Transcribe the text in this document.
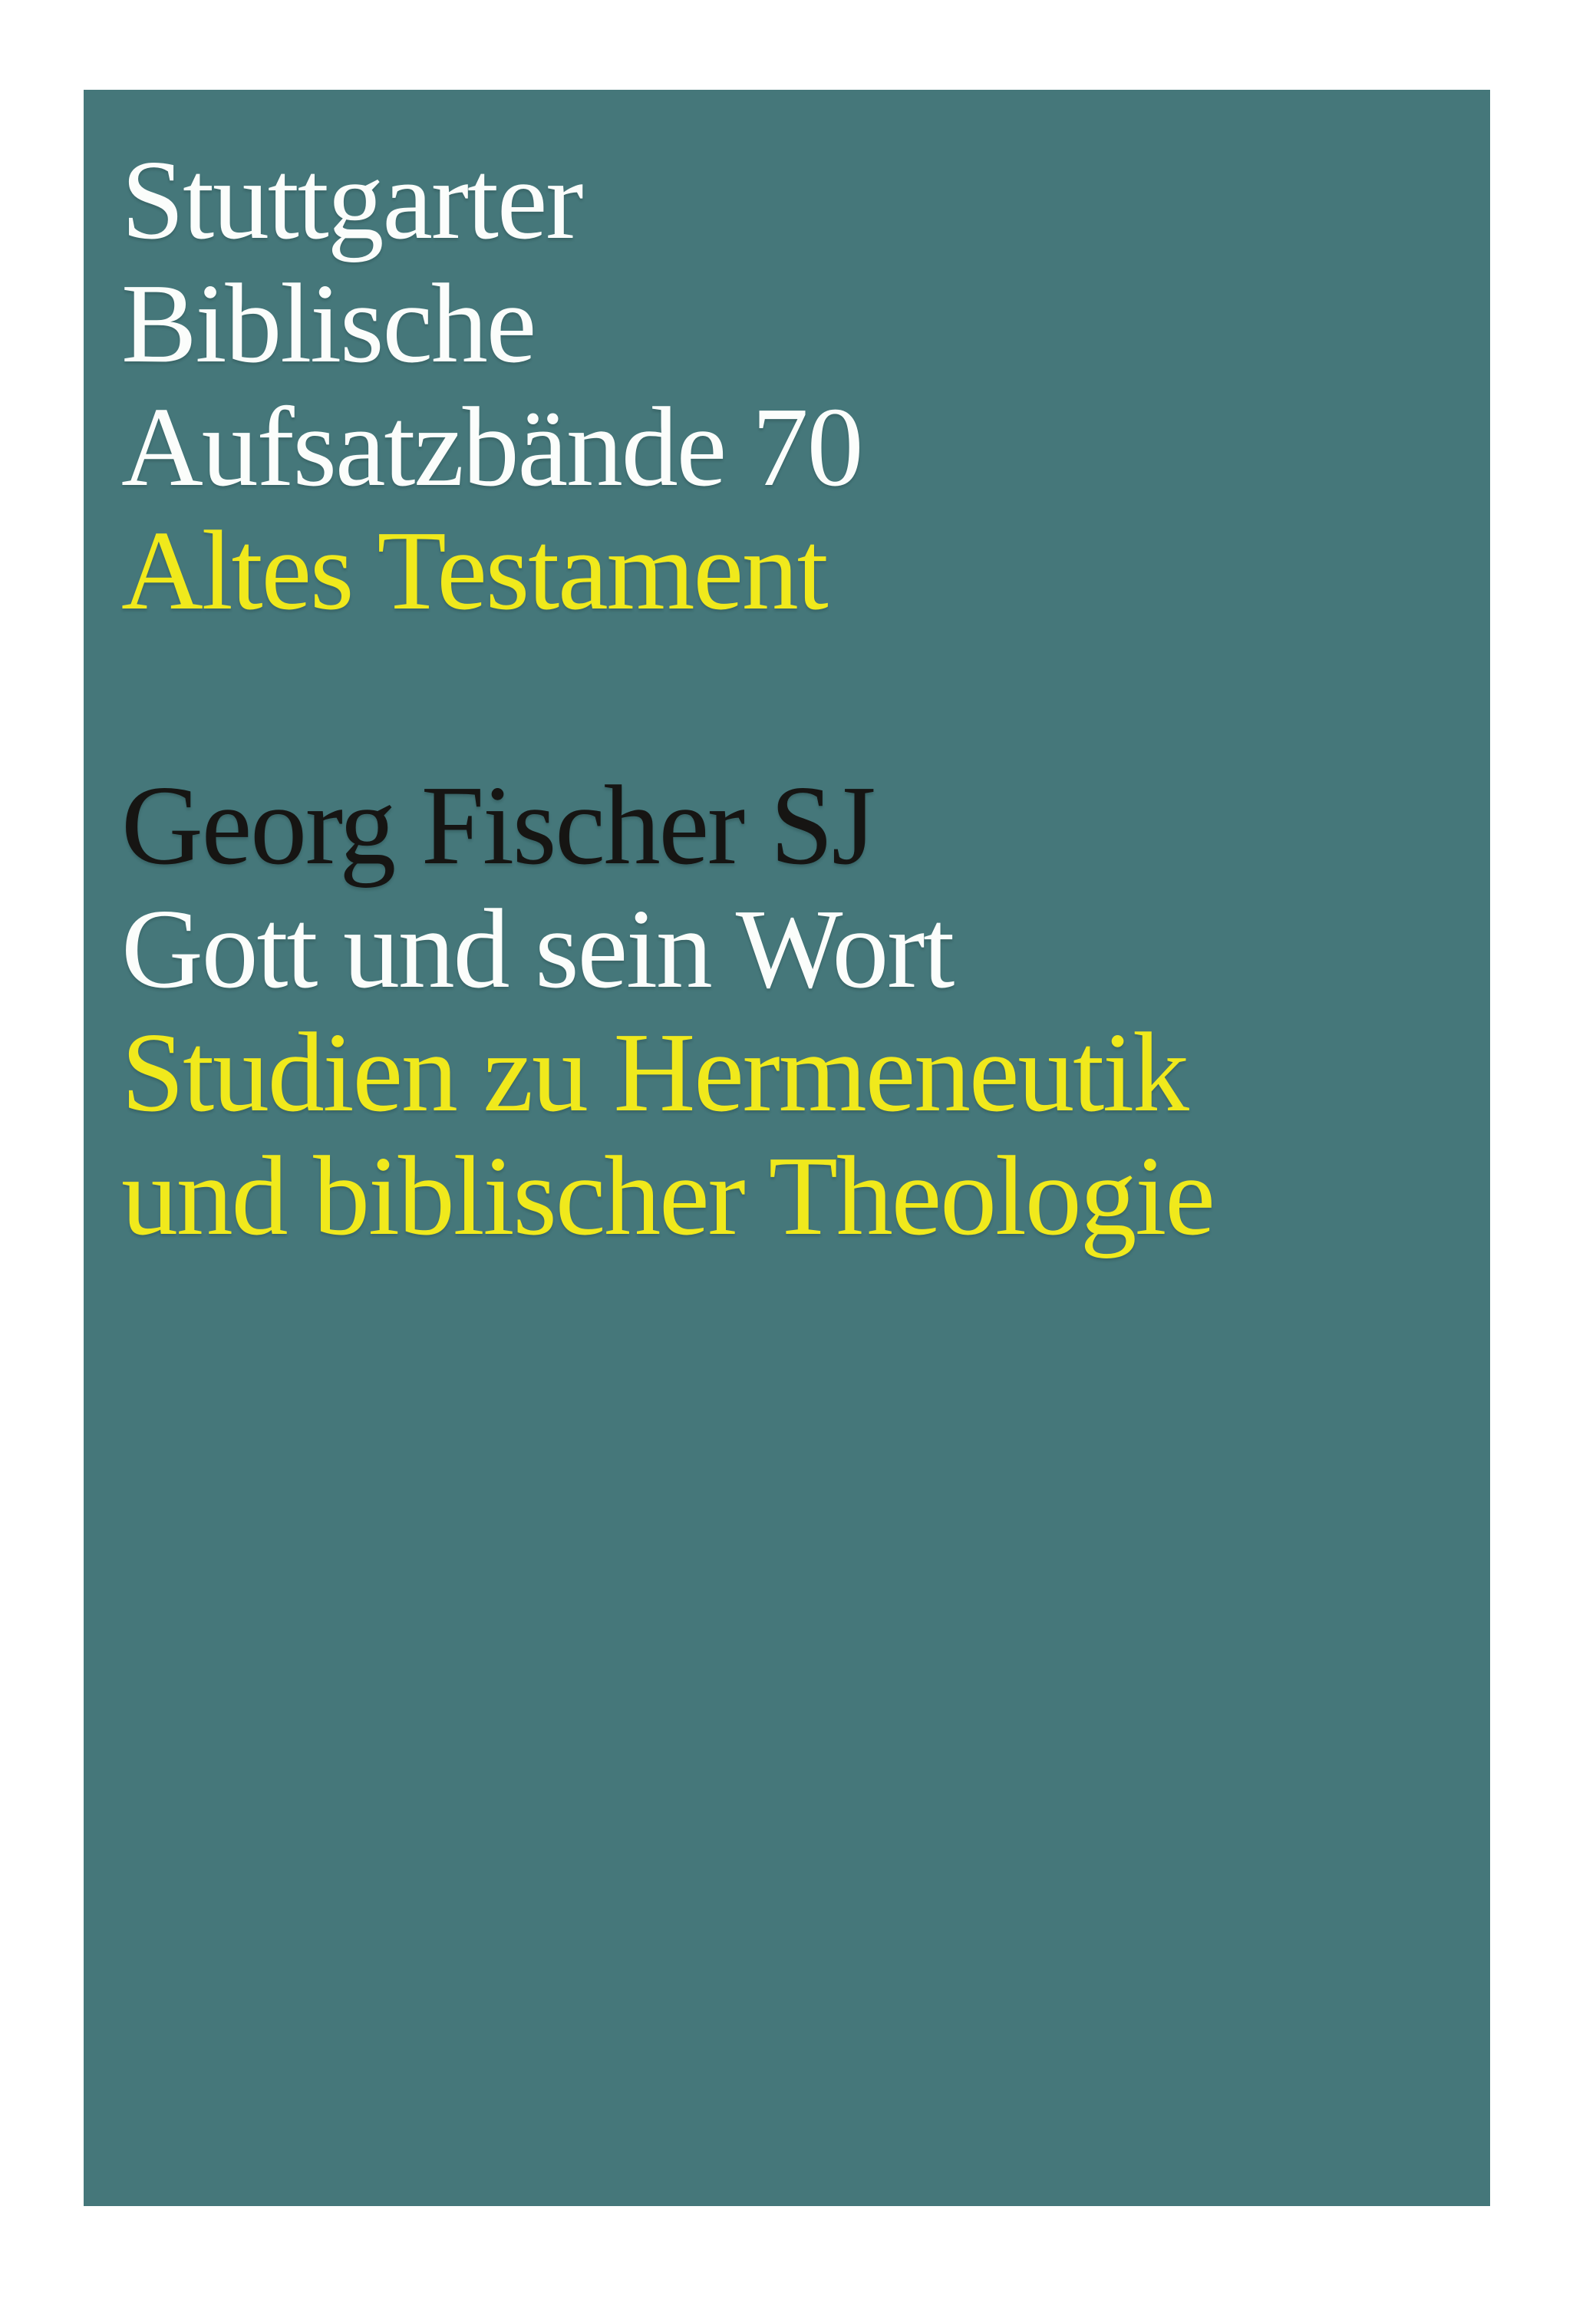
Stuttgarter
Biblische
Aufsatzbände 70
Altes Testament
Georg Fischer SJ
Gott und sein Wort
Studien zu Hermeneutik
und biblischer Theologie
